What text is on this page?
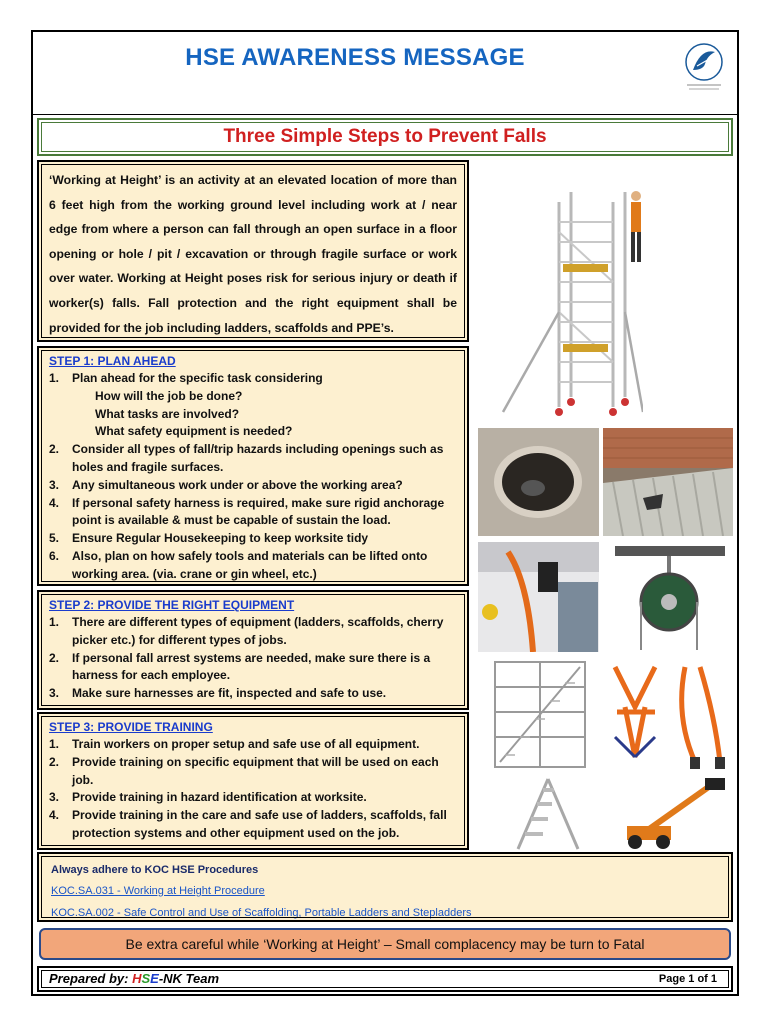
HSE AWARENESS MESSAGE
Three Simple Steps to Prevent Falls

‘Working at Height’ is an activity at an elevated location of more than 6 feet high from the working ground level including work at / near edge from where a person can fall through an open surface in a floor opening or hole / pit / excavation or through fragile surface or work over water. Working at Height poses risk for serious injury or death if worker(s) falls. Fall protection and the right equipment shall be provided for the job including ladders, scaffolds and PPE’s.

STEP 1: PLAN AHEAD
1. Plan ahead for the specific task considering
How will the job be done?
What tasks are involved?
What safety equipment is needed?
2. Consider all types of fall/trip hazards including openings such as holes and fragile surfaces.
3. Any simultaneous work under or above the working area?
4. If personal safety harness is required, make sure rigid anchorage point is available & must be capable of sustain the load.
5. Ensure Regular Housekeeping to keep worksite tidy
6. Also, plan on how safely tools and materials can be lifted onto working area. (via. crane or gin wheel, etc.)
STEP 2: PROVIDE THE RIGHT EQUIPMENT
1. There are different types of equipment (ladders, scaffolds, cherry picker etc.) for different types of jobs.
2. If personal fall arrest systems are needed, make sure there is a harness for each employee.
3. Make sure harnesses are fit, inspected and safe to use.
STEP 3: PROVIDE TRAINING
1. Train workers on proper setup and safe use of all equipment.
2. Provide training on specific equipment that will be used on each job.
3. Provide training in hazard identification at worksite.
4. Provide training in the care and safe use of ladders, scaffolds, fall protection systems and other equipment used on the job.
Always adhere to KOC HSE Procedures
KOC.SA.031 - Working at Height Procedure
KOC.SA.002 - Safe Control and Use of Scaffolding, Portable Ladders and Stepladders
Be extra careful while ‘Working at Height’ – Small complacency may be turn to Fatal
Prepared by: HSE-NK Team	Page 1 of 1
